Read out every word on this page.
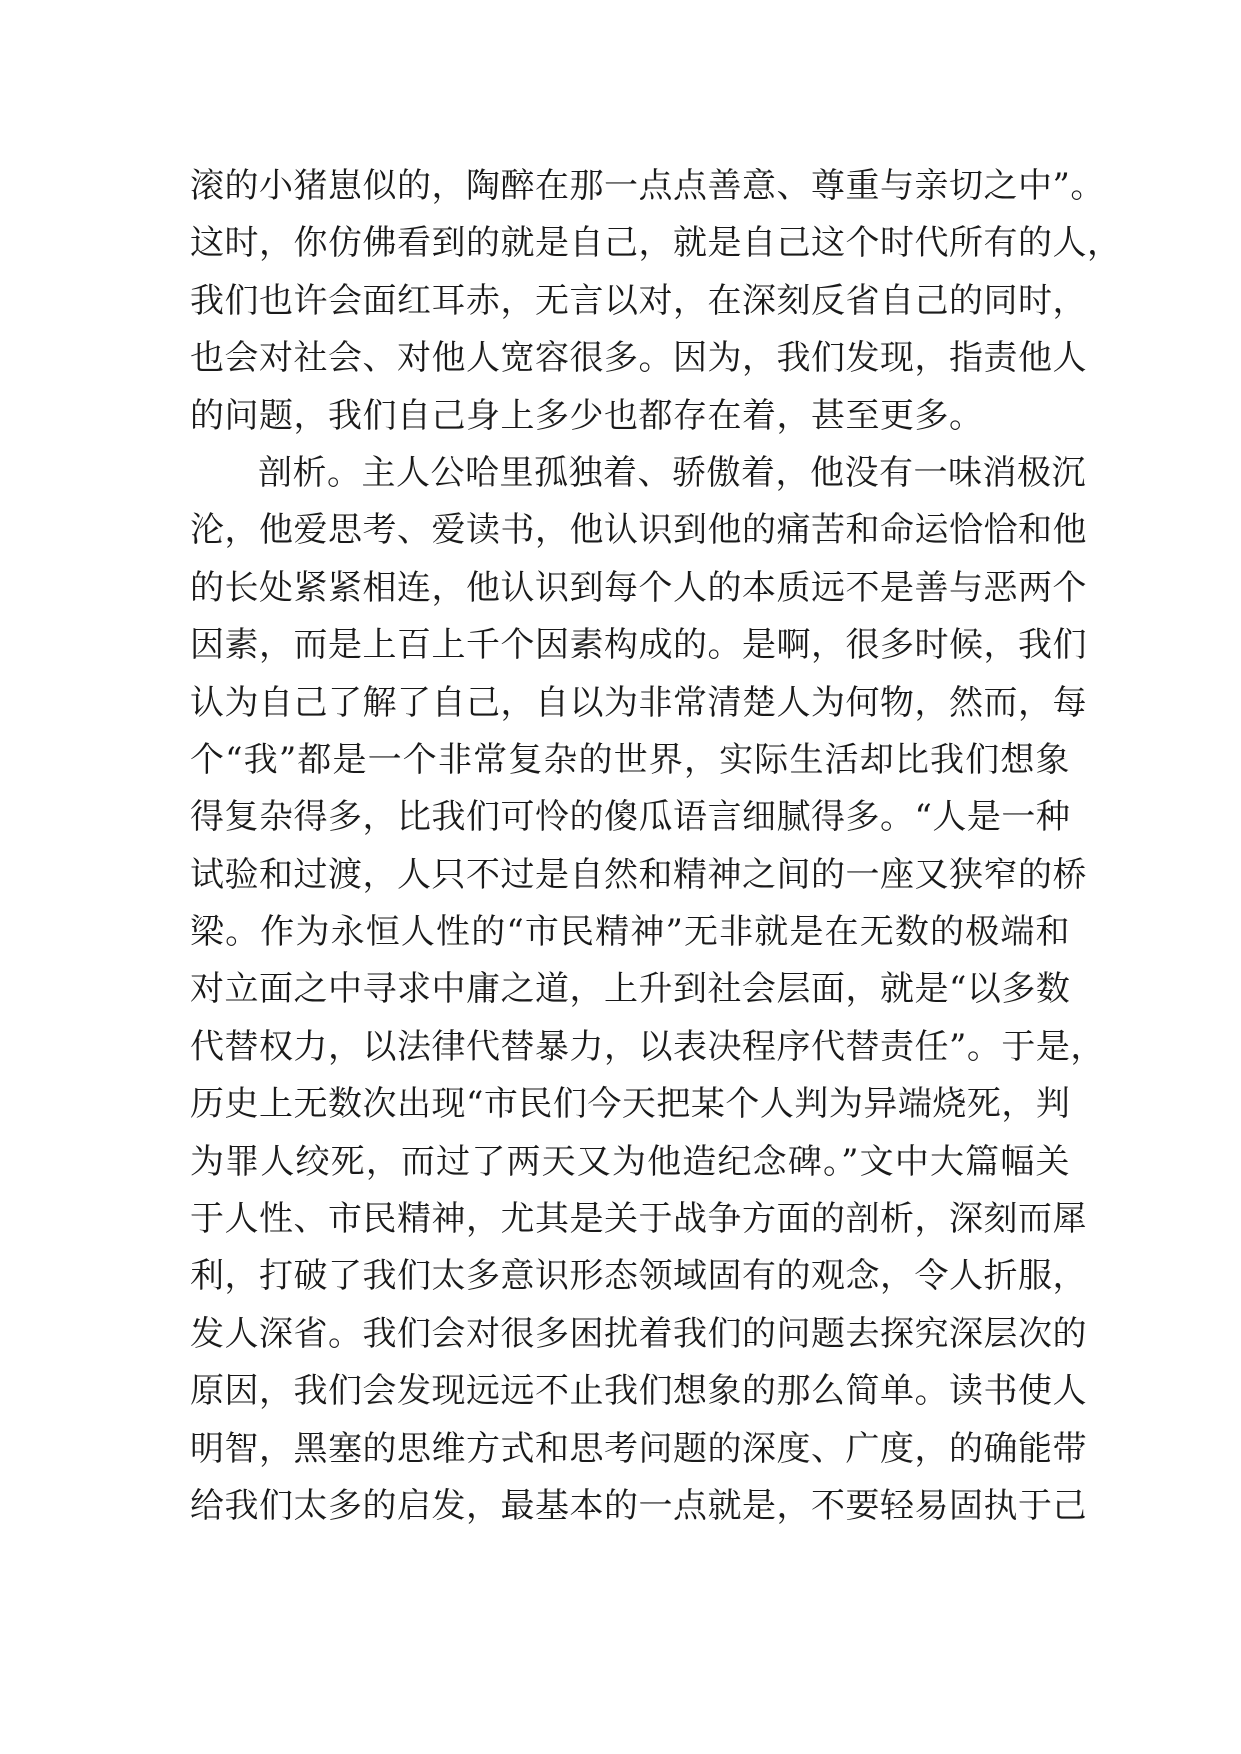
滚的小猪崽似的，陶醉在那一点点善意、尊重与亲切之中”。
这时，你仿佛看到的就是自己，就是自己这个时代所有的人，
我们也许会面红耳赤，无言以对，在深刻反省自己的同时，
也会对社会、对他人宽容很多。因为，我们发现，指责他人
的问题，我们自己身上多少也都存在着，甚至更多。
剖析。主人公哈里孤独着、骄傲着，他没有一味消极沉
沦，他爱思考、爱读书，他认识到他的痛苦和命运恰恰和他
的长处紧紧相连，他认识到每个人的本质远不是善与恶两个
因素，而是上百上千个因素构成的。是啊，很多时候，我们
认为自己了解了自己，自以为非常清楚人为何物，然而，每
个“我”都是一个非常复杂的世界，实际生活却比我们想象
得复杂得多，比我们可怜的傻瓜语言细腻得多。“人是一种
试验和过渡，人只不过是自然和精神之间的一座又狭窄的桥
梁。作为永恒人性的“市民精神”无非就是在无数的极端和
对立面之中寻求中庸之道，上升到社会层面，就是“以多数
代替权力，以法律代替暴力，以表决程序代替责任”。于是，
历史上无数次出现“市民们今天把某个人判为异端烧死，判
为罪人绞死，而过了两天又为他造纪念碑。”文中大篇幅关
于人性、市民精神，尤其是关于战争方面的剖析，深刻而犀
利，打破了我们太多意识形态领域固有的观念，令人折服，
发人深省。我们会对很多困扰着我们的问题去探究深层次的
原因，我们会发现远远不止我们想象的那么简单。读书使人
明智，黑塞的思维方式和思考问题的深度、广度，的确能带
给我们太多的启发，最基本的一点就是，不要轻易固执于己
